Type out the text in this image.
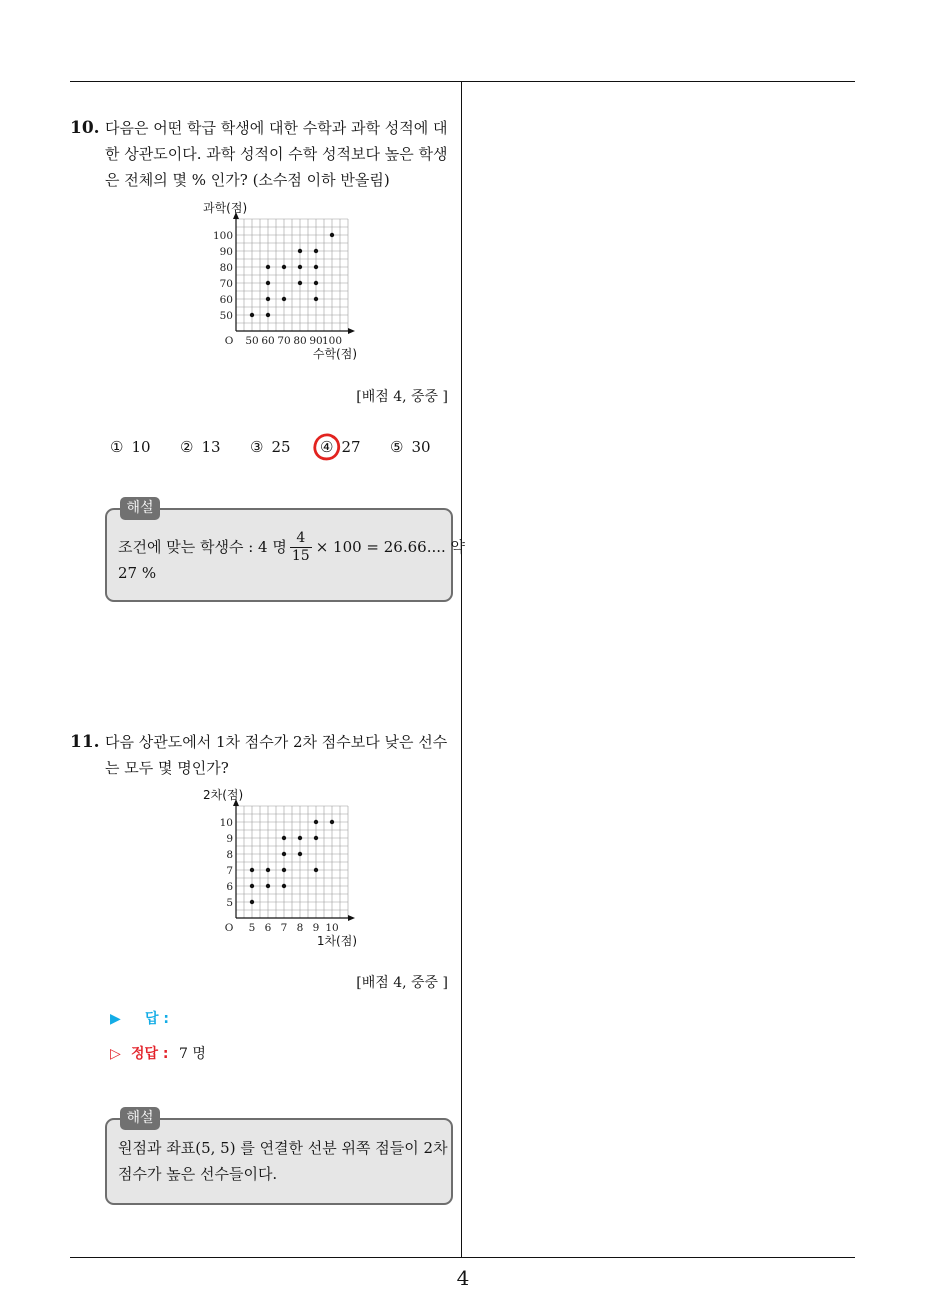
10. 다음은 어떤 학급 학생에 대한 수학과 과학 성적에 대
한 상관도이다. 과학 성적이 수학 성적보다 높은 학생
은 전체의 몇 % 인가? (소수점 이하 반올림)
50
60
70
80
90
100
50 60 70 80 90 100
과학(점)
수학(점)
O
[배점 4, 중중 ]
① 10 ② 13 ③ 25 ④ 27 ⑤ 30
해설
조건에 맞는 학생수 : 4 명 $\frac{4}{15} \times 100 = 26.66$.... 약
27 %
11. 다음 상관도에서 1차 점수가 2차 점수보다 낮은 선수
는 모두 몇 명인가?
5
6
7
8
9
10
5 6 7 8 9 10
2차(점)
1차(점)
O
[배점 4, 중중 ]
▶ 답 :
▷ 정답 : 7 명
해설
원점과 좌표(5, 5) 를 연결한 선분 위쪽 점들이 2차
점수가 높은 선수들이다.
4
